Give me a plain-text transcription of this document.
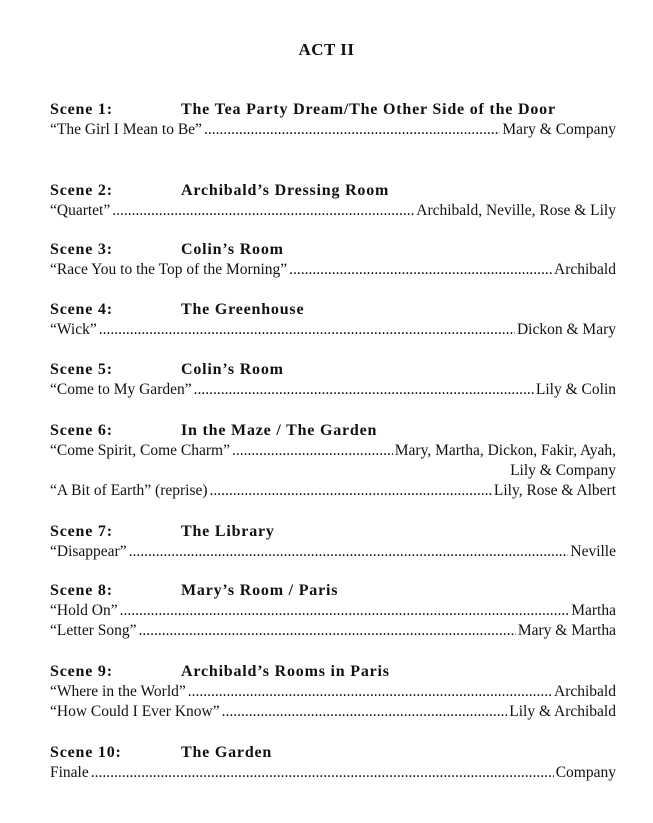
ACT II
Scene 1:	The Tea Party Dream/The Other Side of the Door
“The Girl I Mean to Be” .....	Mary & Company
Scene 2:	Archibald’s Dressing Room
“Quartet” .....	Archibald, Neville, Rose & Lily
Scene 3:	Colin’s Room
“Race You to the Top of the Morning” .....	Archibald
Scene 4:	The Greenhouse
“Wick” .....	Dickon & Mary
Scene 5:	Colin’s Room
“Come to My Garden” .....	Lily & Colin
Scene 6:	In the Maze / The Garden
“Come Spirit, Come Charm” .....	Mary, Martha, Dickon, Fakir, Ayah,
Lily & Company
“A Bit of Earth” (reprise) .....	Lily, Rose & Albert
Scene 7:	The Library
“Disappear” .....	Neville
Scene 8:	Mary’s Room / Paris
“Hold On” .....	Martha
“Letter Song” .....	Mary & Martha
Scene 9:	Archibald’s Rooms in Paris
“Where in the World” .....	Archibald
“How Could I Ever Know” .....	Lily & Archibald
Scene 10:	The Garden
Finale .....	Company
